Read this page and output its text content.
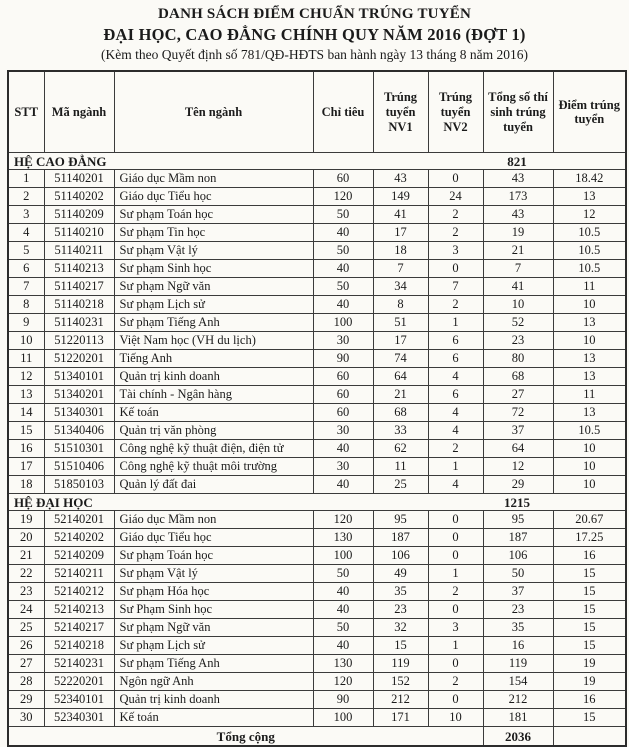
DANH SÁCH ĐIỂM CHUẨN TRÚNG TUYỂN
ĐẠI HỌC, CAO ĐẲNG CHÍNH QUY NĂM 2016 (ĐỢT 1)
(Kèm theo Quyết định số 781/QĐ-HĐTS ban hành ngày 13 tháng 8 năm 2016)
STT	Mã ngành	Tên ngành	Chỉ tiêu	Trúng tuyển NV1	Trúng tuyển NV2	Tổng số thí sinh trúng tuyển	Điểm trúng tuyển

HỆ CAO ĐẲNG 821							

1	51140201	Giáo dục Mầm non	60	43	0	43	18.42
2	51140202	Giáo dục Tiểu học	120	149	24	173	13
3	51140209	Sư phạm Toán học	50	41	2	43	12
4	51140210	Sư phạm Tin học	40	17	2	19	10.5
5	51140211	Sư phạm Vật lý	50	18	3	21	10.5
6	51140213	Sư phạm Sinh học	40	7	0	7	10.5
7	51140217	Sư phạm Ngữ văn	50	34	7	41	11
8	51140218	Sư phạm Lịch sử	40	8	2	10	10
9	51140231	Sư phạm Tiếng Anh	100	51	1	52	13
10	51220113	Việt Nam học (VH du lịch)	30	17	6	23	10
11	51220201	Tiếng Anh	90	74	6	80	13
12	51340101	Quản trị kinh doanh	60	64	4	68	13
13	51340201	Tài chính - Ngân hàng	60	21	6	27	11
14	51340301	Kế toán	60	68	4	72	13
15	51340406	Quản trị văn phòng	30	33	4	37	10.5
16	51510301	Công nghệ kỹ thuật điện, điện tử	40	62	2	64	10
17	51510406	Công nghệ kỹ thuật môi trường	30	11	1	12	10
18	51850103	Quản lý đất đai	40	25	4	29	10

HỆ ĐẠI HỌC 1215							

19	52140201	Giáo dục Mầm non	120	95	0	95	20.67
20	52140202	Giáo dục Tiểu học	130	187	0	187	17.25
21	52140209	Sư phạm Toán học	100	106	0	106	16
22	52140211	Sư phạm Vật lý	50	49	1	50	15
23	52140212	Sư phạm Hóa học	40	35	2	37	15
24	52140213	Sư Phạm Sinh học	40	23	0	23	15
25	52140217	Sư phạm Ngữ văn	50	32	3	35	15
26	52140218	Sư phạm Lịch sử	40	15	1	16	15
27	52140231	Sư phạm Tiếng Anh	130	119	0	119	19
28	52220201	Ngôn ngữ Anh	120	152	2	154	19
29	52340101	Quản trị kinh doanh	90	212	0	212	16
30	52340301	Kế toán	100	171	10	181	15
Tổng cộng						2036	
